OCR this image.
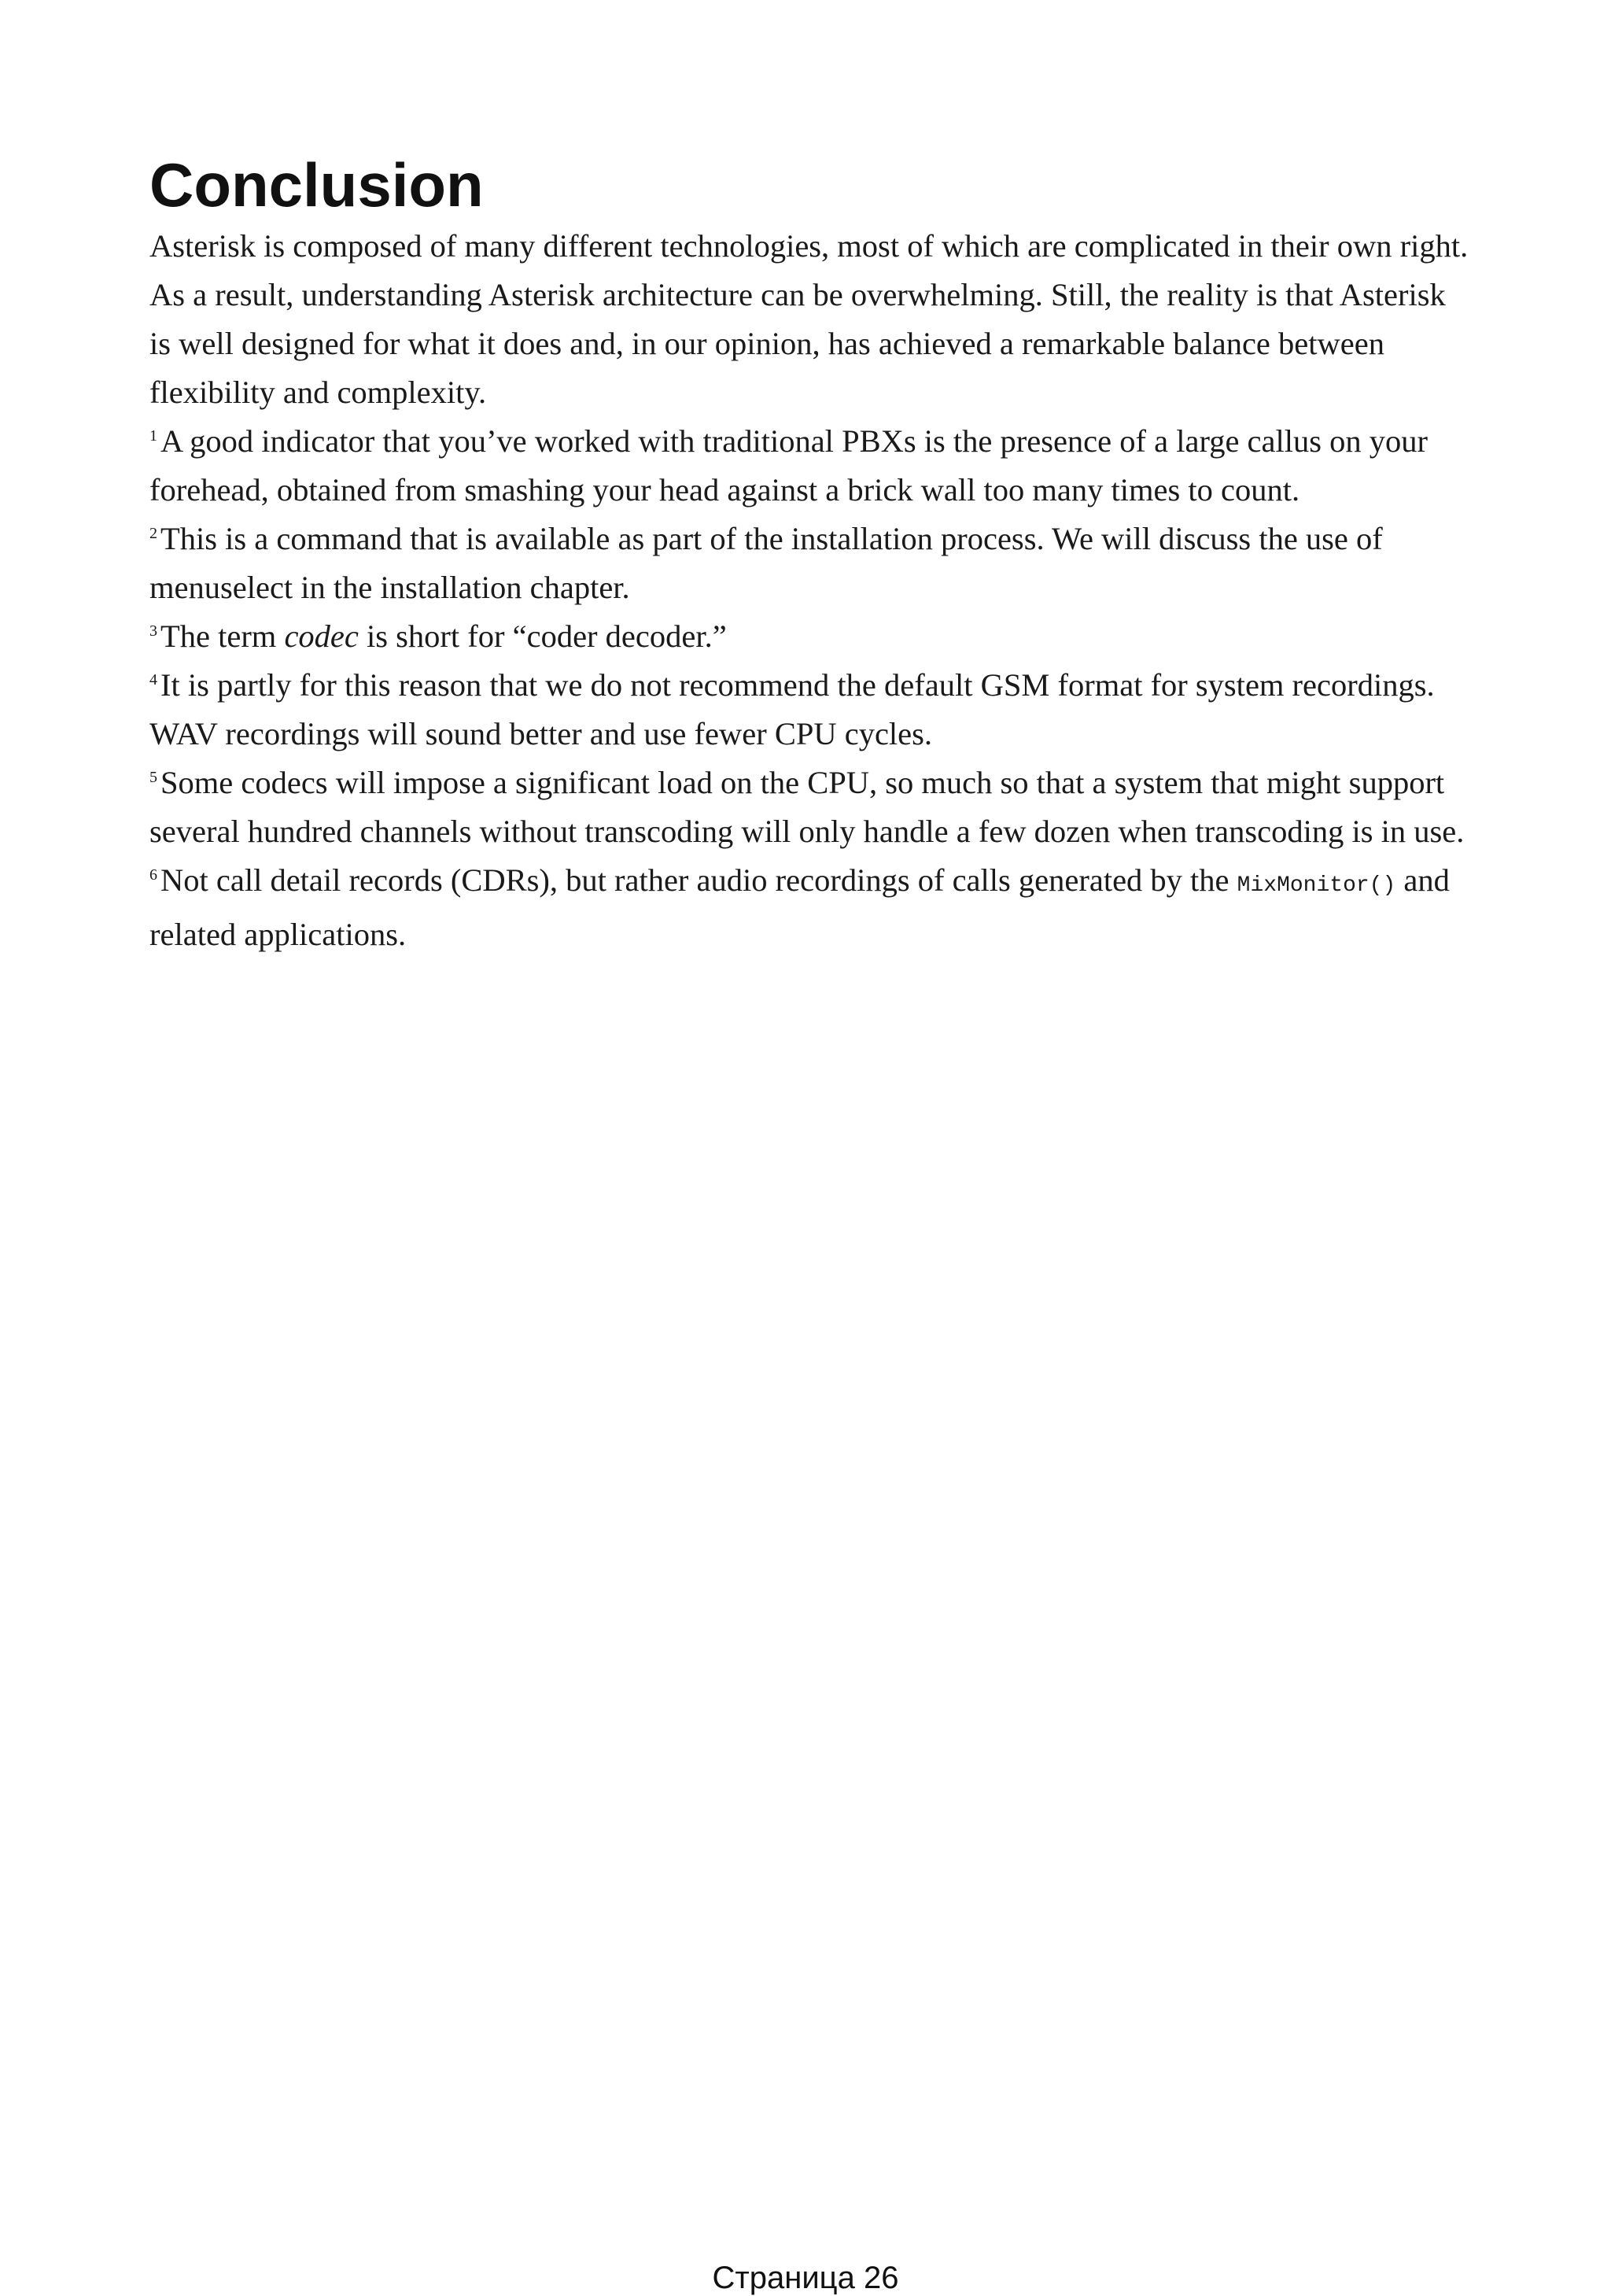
Conclusion

Asterisk is composed of many different technologies, most of which are complicated in their own right. As a result, understanding Asterisk architecture can be overwhelming. Still, the reality is that Asterisk is well designed for what it does and, in our opinion, has achieved a remarkable balance between flexibility and complexity.

$^1$A good indicator that you’ve worked with traditional PBXs is the presence of a large callus on your forehead, obtained from smashing your head against a brick wall too many times to count.

$^2$This is a command that is available as part of the installation process. We will discuss the use of menuselect in the installation chapter.

$^3$The term codec is short for “coder decoder.”

$^4$It is partly for this reason that we do not recommend the default GSM format for system recordings. WAV recordings will sound better and use fewer CPU cycles.

$^5$Some codecs will impose a significant load on the CPU, so much so that a system that might support several hundred channels without transcoding will only handle a few dozen when transcoding is in use.

$^6$Not call detail records (CDRs), but rather audio recordings of calls generated by the MixMonitor() and related applications.

Страница 26
